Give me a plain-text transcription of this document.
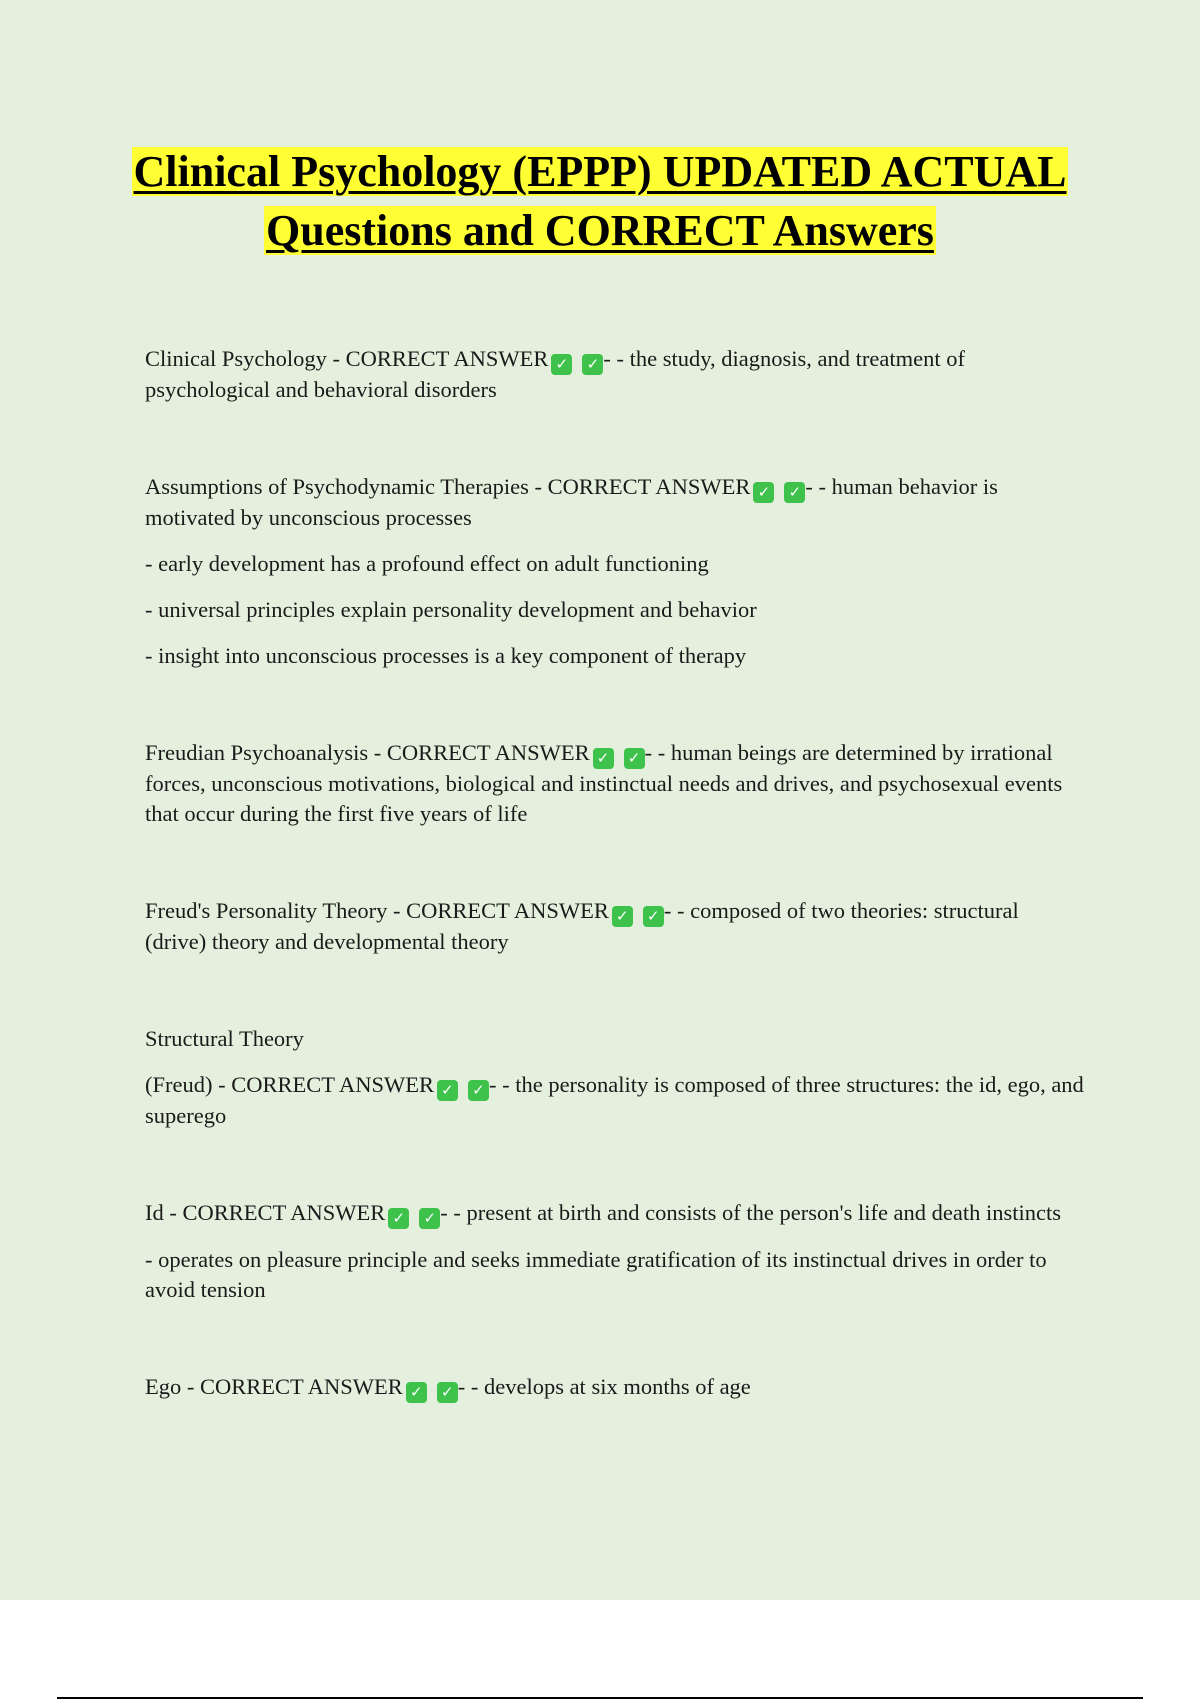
Clinical Psychology (EPPP) UPDATED ACTUAL Questions and CORRECT Answers

Clinical Psychology - CORRECT ANSWER ✓ ✓ - - the study, diagnosis, and treatment of psychological and behavioral disorders

Assumptions of Psychodynamic Therapies - CORRECT ANSWER ✓ ✓ - - human behavior is motivated by unconscious processes

- early development has a profound effect on adult functioning

- universal principles explain personality development and behavior

- insight into unconscious processes is a key component of therapy

Freudian Psychoanalysis - CORRECT ANSWER ✓ ✓ - - human beings are determined by irrational forces, unconscious motivations, biological and instinctual needs and drives, and psychosexual events that occur during the first five years of life

Freud's Personality Theory - CORRECT ANSWER ✓ ✓ - - composed of two theories: structural (drive) theory and developmental theory

Structural Theory

(Freud) - CORRECT ANSWER ✓ ✓ - - the personality is composed of three structures: the id, ego, and superego

Id - CORRECT ANSWER ✓ ✓ - - present at birth and consists of the person's life and death instincts

- operates on pleasure principle and seeks immediate gratification of its instinctual drives in order to avoid tension

Ego - CORRECT ANSWER ✓ ✓ - - develops at six months of age
